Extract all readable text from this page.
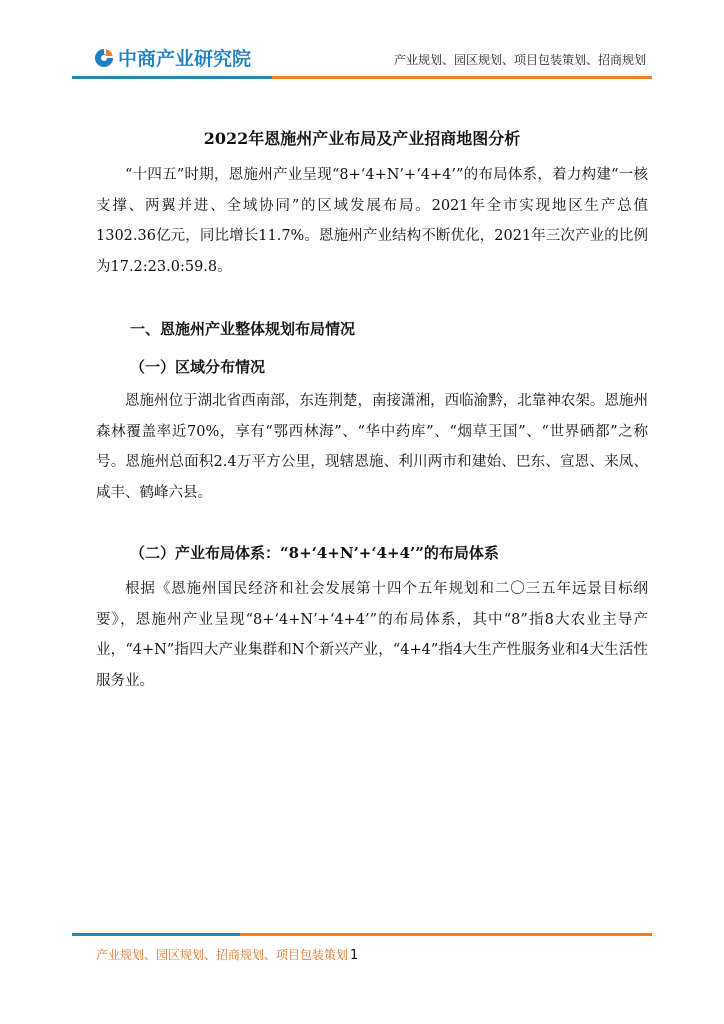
中商产业研究院	产业规划、园区规划、项目包装策划、招商规划
2022年恩施州产业布局及产业招商地图分析

“十四五”时期，恩施州产业呈现“8+‘4+N’+‘4+4’”的布局体系，着力构建“一核支撑、两翼并进、全域协同”的区域发展布局。2021年全市实现地区生产总值1302.36亿元，同比增长11.7%。恩施州产业结构不断优化，2021年三次产业的比例为17.2:23.0:59.8。

一、恩施州产业整体规划布局情况
（一）区域分布情况

恩施州位于湖北省西南部，东连荆楚，南接潇湘，西临渝黔，北靠神农架。恩施州森林覆盖率近70%，享有“鄂西林海”、“华中药库”、“烟草王国”、“世界硒都”之称号。恩施州总面积2.4万平方公里，现辖恩施、利川两市和建始、巴东、宣恩、来凤、咸丰、鹤峰六县。

（二）产业布局体系：“8+‘4+N’+‘4+4’”的布局体系

根据《恩施州国民经济和社会发展第十四个五年规划和二〇三五年远景目标纲要》，恩施州产业呈现“8+‘4+N’+‘4+4’”的布局体系，其中“8”指8大农业主导产业，“4+N”指四大产业集群和N个新兴产业，“4+4”指4大生产性服务业和4大生活性服务业。

产业规划、园区规划、招商规划、项目包装策划 1
